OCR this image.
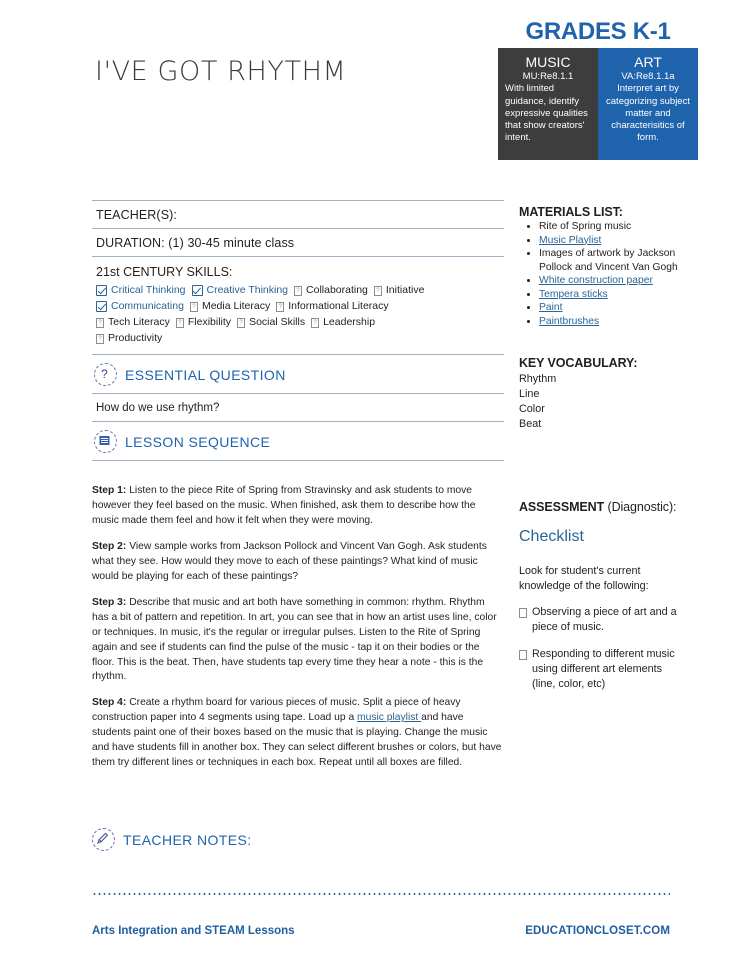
GRADES K-1
MUSIC
MU:Re8.1.1
With limited guidance, identify expressive qualities that show creators' intent.
ART
VA:Re8.1.1a
Interpret art by categorizing subject matter and characterisitics of form.
I'VE GOT RHYTHM
TEACHER(S):
DURATION: (1) 30-45 minute class
21st CENTURY SKILLS:
Critical Thinking	Creative Thinking	? Collaborating	? Initiative
Communicating	? Media Literacy	? Informational Literacy
? Tech Literacy	? Flexibility	? Social Skills	? Leadership
? Productivity
? ESSENTIAL QUESTION
How do we use rhythm?
LESSON SEQUENCE

Step 1: Listen to the piece Rite of Spring from Stravinsky and ask students to move however they feel based on the music. When finished, ask them to describe how the music made them feel and how it felt when they were moving.

Step 2: View sample works from Jackson Pollock and Vincent Van Gogh. Ask students what they see. How would they move to each of these paintings? What kind of music would be playing for each of these paintings?

Step 3: Describe that music and art both have something in common: rhythm. Rhythm has a bit of pattern and repetition. In art, you can see that in how an artist uses line, color or techniques. In music, it's the regular or irregular pulses. Listen to the Rite of Spring again and see if students can find the pulse of the music - tap it on their bodies or the floor. This is the beat. Then, have students tap every time they hear a note - this is the rhythm.

Step 4: Create a rhythm board for various pieces of music. Split a piece of heavy construction paper into 4 segments using tape. Load up a music playlist and have students paint one of their boxes based on the music that is playing. Change the music and have students fill in another box. They can select different brushes or colors, but have them try different lines or techniques in each box. Repeat until all boxes are filled.

TEACHER NOTES:
Arts Integration and STEAM Lessons	EDUCATIONCLOSET.COM
MATERIALS LIST:
• Rite of Spring music
• Music Playlist
• Images of artwork by Jackson Pollock and Vincent Van Gogh
• White construction paper
• Tempera sticks
• Paint
• Paintbrushes
KEY VOCABULARY:
Rhythm
Line
Color
Beat
ASSESSMENT (Diagnostic):
Checklist
Look for student's current knowledge of the following:
Observing a piece of art and a piece of music.
Responding to different music using different art elements (line, color, etc)
